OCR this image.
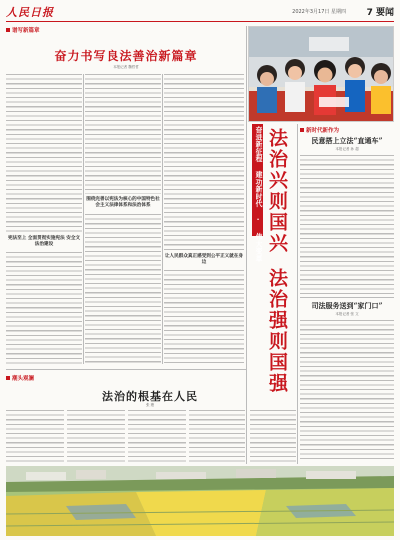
人民日报	2022年3月17日 星期四 7 要闻
谱写新篇章
奋力书写良法善治新篇章
本报记者 魏哲哲
宪法至上 全面贯彻实施宪法 安全文法治建设
围绕完善以宪法为核心的中国特色社会主义法律体系和法治体系
让人民群众真正感受到公平正义就在身边
奋进新征程 建功新时代 · 伟大变革 法治兴则国兴
法治强则国强
新时代新作为
民意搭上立法“直通车”
本报记者 孙 超
司法服务送到“家门口”
本报记者 张 文
潮头观澜
法治的根基在人民
张 璁
